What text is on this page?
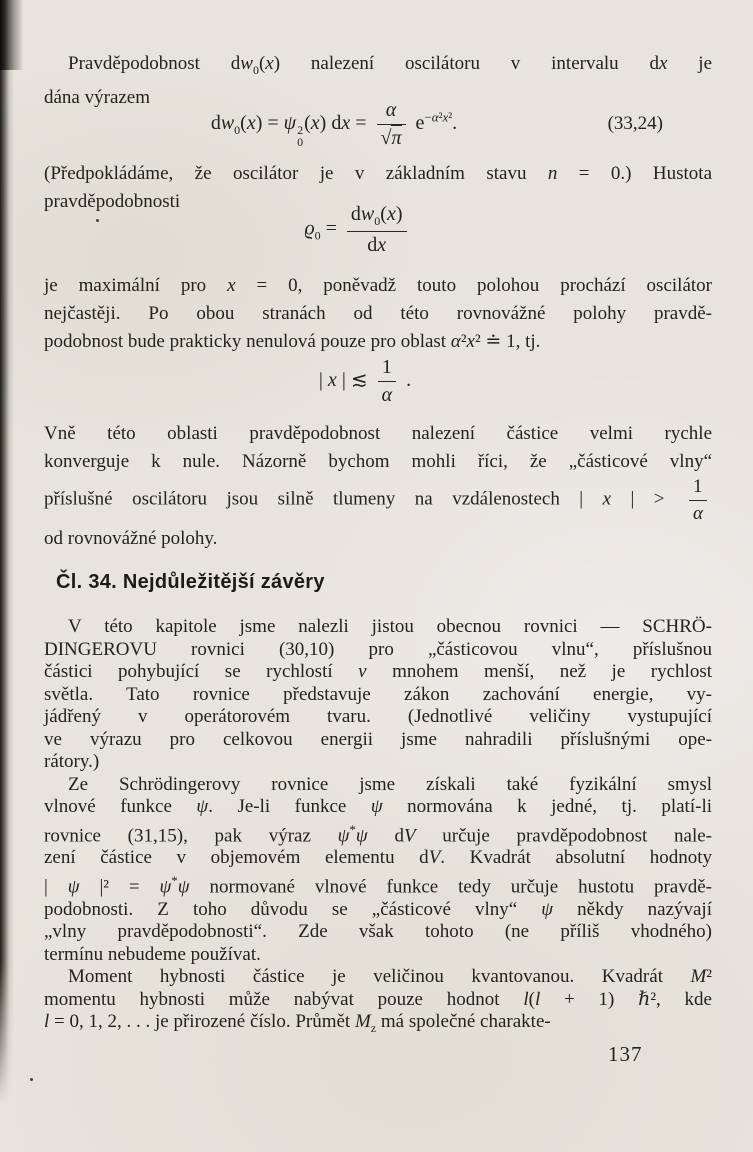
Pravděpodobnost $dw_0(x)$ nalezení oscilátoru v intervalu dx je
dána výrazem
$dw_0(x) = \psi$ 2
0
(x) dx = $\frac{\alpha}{√\pi} e^{-\alpha^2x^2}$.	(33,24)
(Předpokládáme, že oscilátor je v základním stavu n = 0.) Hustota
pravděpodobnosti
$ϱ_0 = \frac{dw_0(x)}{dx}$
je maximální pro x = 0, poněvadž touto polohou prochází oscilátor
nejčastěji. Po obou stranách od této rovnovážné polohy pravdě-
podobnost bude prakticky nenulová pouze pro oblast α²x² ≐ 1, tj.
| x | ≲ $\frac{1}{\alpha}$ .
Vně této oblasti pravděpodobnost nalezení částice velmi rychle
konverguje k nule. Názorně bychom mohli říci, že „částicové vlny“
příslušné oscilátoru jsou silně tlumeny na vzdálenostech | x | > $\frac{1}{\alpha}$
od rovnovážné polohy.
Čl. 34. Nejdůležitější závěry
V této kapitole jsme nalezli jistou obecnou rovnici — SCHRÖ-
DINGEROVU rovnici (30,10) pro „částicovou vlnu“, příslušnou
částici pohybující se rychlostí v mnohem menší, než je rychlost
světla. Tato rovnice představuje zákon zachování energie, vy-
jádřený v operátorovém tvaru. (Jednotlivé veličiny vystupující
ve výrazu pro celkovou energii jsme nahradili příslušnými ope-
rátory.)
Ze Schrödingerovy rovnice jsme získali také fyzikální smysl
vlnové funkce ψ. Je-li funkce ψ normována k jedné, tj. platí-li
rovnice (31,15), pak výraz ψ*ψ dV určuje pravděpodobnost nale-
zení částice v objemovém elementu dV. Kvadrát absolutní hodnoty
| ψ |² = ψ*ψ normované vlnové funkce tedy určuje hustotu pravdě-
podobnosti. Z toho důvodu se „částicové vlny“ ψ někdy nazývají
„vlny pravděpodobnosti“. Zde však tohoto (ne příliš vhodného)
termínu nebudeme používat.
Moment hybnosti částice je veličinou kvantovanou. Kvadrát M²
momentu hybnosti může nabývat pouze hodnot l(l + 1) ℏ², kde
l = 0, 1, 2, . . . je přirozené číslo. Průmět $M_z$ má společné charakte-
137
